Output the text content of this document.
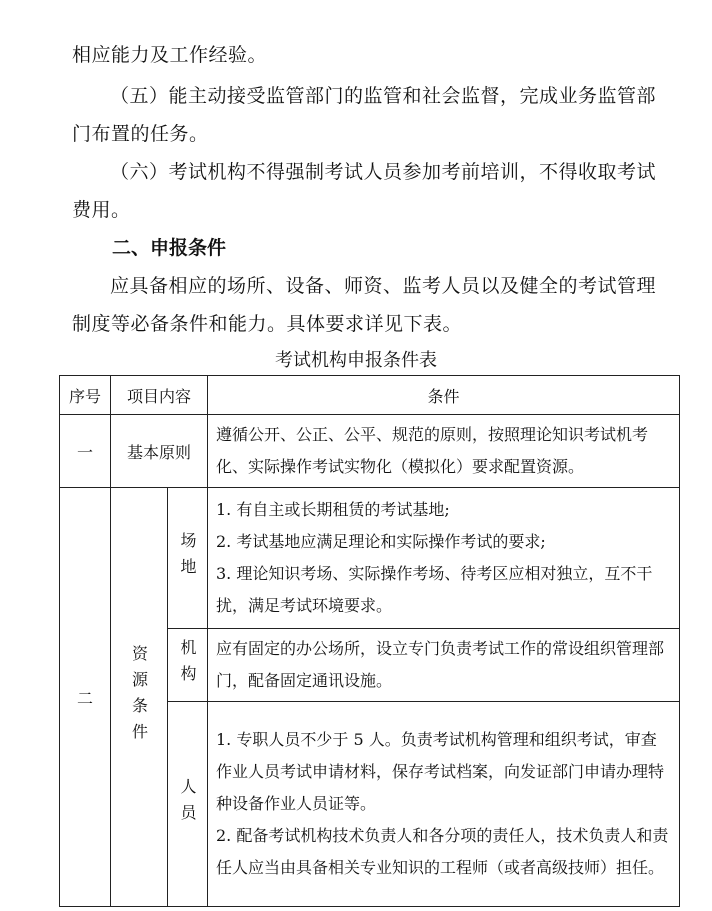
相应能力及工作经验。

（五）能主动接受监管部门的监管和社会监督，完成业务监管部门布置的任务。

（六）考试机构不得强制考试人员参加考前培训，不得收取考试费用。

二、申报条件

应具备相应的场所、设备、师资、监考人员以及健全的考试管理制度等必备条件和能力。具体要求详见下表。

考试机构申报条件表

序号	项目内容		条件
一	基本原则		遵循公开、公正、公平、规范的原则，按照理论知识考试机考化、实际操作考试实物化（模拟化）要求配置资源。
二	资源条件	场地	1. 有自主或长期租赁的考试基地;

2. 考试基地应满足理论和实际操作考试的要求;

3. 理论知识考场、实际操作考场、待考区应相对独立，互不干扰，满足考试环境要求。

		机构	应有固定的办公场所，设立专门负责考试工作的常设组织管理部门，配备固定通讯设施。

		人员	1. 专职人员不少于 5 人。负责考试机构管理和组织考试，审查作业人员考试申请材料，保存考试档案，向发证部门申请办理特种设备作业人员证等。

2. 配备考试机构技术负责人和各分项的责任人，技术负责人和责任人应当由具备相关专业知识的工程师（或者高级技师）担任。
